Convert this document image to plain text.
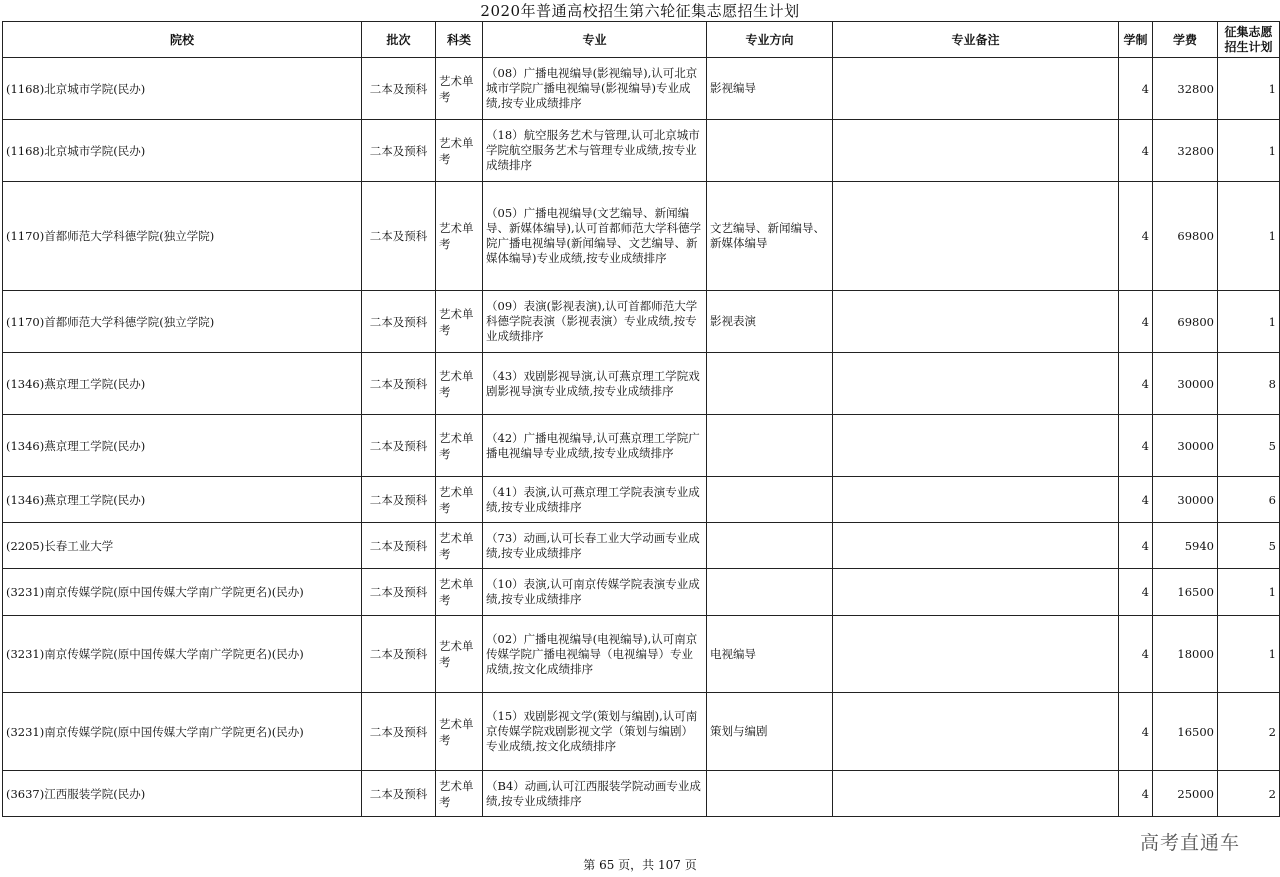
2020年普通高校招生第六轮征集志愿招生计划
院校	批次	科类	专业	专业方向	专业备注	学制	学费	征集志愿
招生计划

(1168)北京城市学院(民办)	二本及预科	艺术单考	（08）广播电视编导(影视编导),认可北京城市学院广播电视编导(影视编导)专业成绩,按专业成绩排序	影视编导		4	32800	1
(1168)北京城市学院(民办)	二本及预科	艺术单考	（18）航空服务艺术与管理,认可北京城市学院航空服务艺术与管理专业成绩,按专业成绩排序			4	32800	1
(1170)首都师范大学科德学院(独立学院)	二本及预科	艺术单考	（05）广播电视编导(文艺编导、新闻编导、新媒体编导),认可首都师范大学科德学院广播电视编导(新闻编导、文艺编导、新媒体编导)专业成绩,按专业成绩排序	文艺编导、新闻编导、新媒体编导		4	69800	1
(1170)首都师范大学科德学院(独立学院)	二本及预科	艺术单考	（09）表演(影视表演),认可首都师范大学科德学院表演（影视表演）专业成绩,按专业成绩排序	影视表演		4	69800	1
(1346)燕京理工学院(民办)	二本及预科	艺术单考	（43）戏剧影视导演,认可燕京理工学院戏剧影视导演专业成绩,按专业成绩排序			4	30000	8
(1346)燕京理工学院(民办)	二本及预科	艺术单考	（42）广播电视编导,认可燕京理工学院广播电视编导专业成绩,按专业成绩排序			4	30000	5
(1346)燕京理工学院(民办)	二本及预科	艺术单考	（41）表演,认可燕京理工学院表演专业成绩,按专业成绩排序			4	30000	6
(2205)长春工业大学	二本及预科	艺术单考	（73）动画,认可长春工业大学动画专业成绩,按专业成绩排序			4	5940	5
(3231)南京传媒学院(原中国传媒大学南广学院更名)(民办)	二本及预科	艺术单考	（10）表演,认可南京传媒学院表演专业成绩,按专业成绩排序			4	16500	1
(3231)南京传媒学院(原中国传媒大学南广学院更名)(民办)	二本及预科	艺术单考	（02）广播电视编导(电视编导),认可南京传媒学院广播电视编导（电视编导）专业成绩,按文化成绩排序	电视编导		4	18000	1
(3231)南京传媒学院(原中国传媒大学南广学院更名)(民办)	二本及预科	艺术单考	（15）戏剧影视文学(策划与编剧),认可南京传媒学院戏剧影视文学（策划与编剧）专业成绩,按文化成绩排序	策划与编剧		4	16500	2
(3637)江西服装学院(民办)	二本及预科	艺术单考	（B4）动画,认可江西服装学院动画专业成绩,按专业成绩排序			4	25000	2
高考直通车
第 65 页，共 107 页
